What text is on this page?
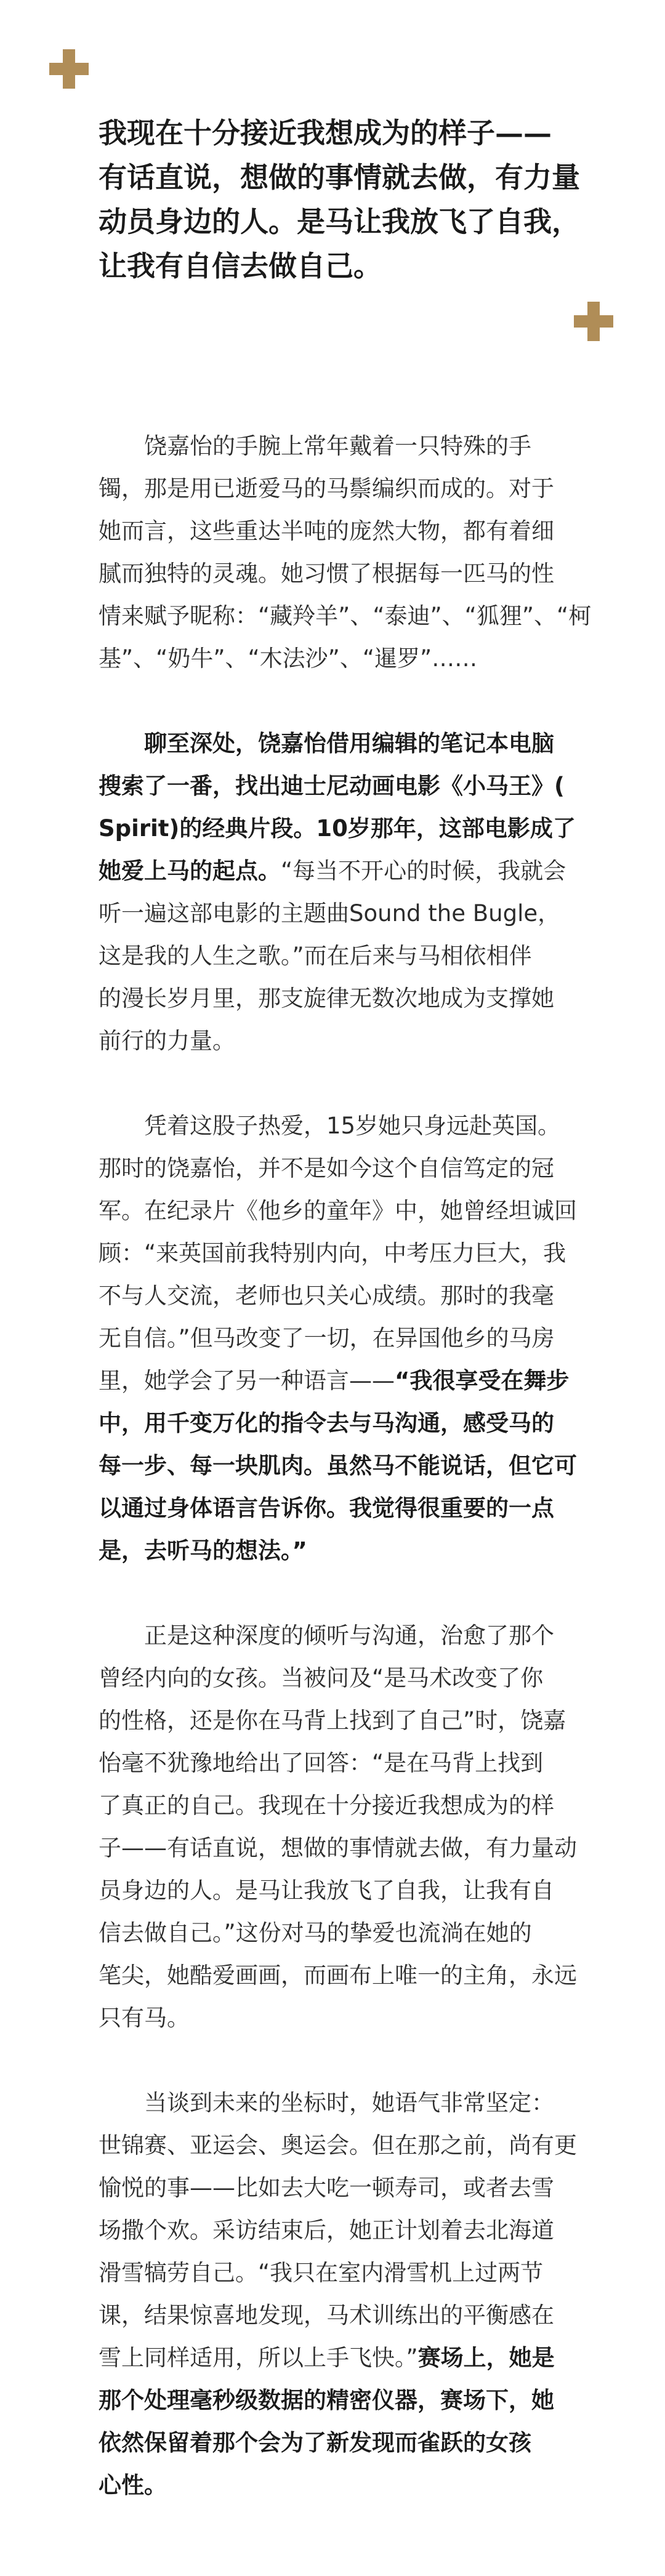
我现在十分接近我想成为的样子——
有话直说，想做的事情就去做，有力量
动员身边的人。是马让我放飞了自我，
让我有自信去做自己。
饶嘉怡的手腕上常年戴着一只特殊的手
镯，那是用已逝爱马的马鬃编织而成的。对于
她而言，这些重达半吨的庞然大物，都有着细
腻而独特的灵魂。她习惯了根据每一匹马的性
情来赋予昵称：“藏羚羊”、“泰迪”、“狐狸”、“柯
基”、“奶牛”、“木法沙”、“暹罗”……
聊至深处，饶嘉怡借用编辑的笔记本电脑
搜索了一番，找出迪士尼动画电影《小马王》(
Spirit)的经典片段。10岁那年，这部电影成了
她爱上马的起点。“每当不开心的时候，我就会
听一遍这部电影的主题曲Sound the Bugle，
这是我的人生之歌。”而在后来与马相依相伴
的漫长岁月里，那支旋律无数次地成为支撑她
前行的力量。
凭着这股子热爱，15岁她只身远赴英国。
那时的饶嘉怡，并不是如今这个自信笃定的冠
军。在纪录片《他乡的童年》中，她曾经坦诚回
顾：“来英国前我特别内向，中考压力巨大，我
不与人交流，老师也只关心成绩。那时的我毫
无自信。”但马改变了一切，在异国他乡的马房
里，她学会了另一种语言——“我很享受在舞步
中，用千变万化的指令去与马沟通，感受马的
每一步、每一块肌肉。虽然马不能说话，但它可
以通过身体语言告诉你。我觉得很重要的一点
是，去听马的想法。”
正是这种深度的倾听与沟通，治愈了那个
曾经内向的女孩。当被问及“是马术改变了你
的性格，还是你在马背上找到了自己”时，饶嘉
怡毫不犹豫地给出了回答：“是在马背上找到
了真正的自己。我现在十分接近我想成为的样
子——有话直说，想做的事情就去做，有力量动
员身边的人。是马让我放飞了自我，让我有自
信去做自己。”这份对马的挚爱也流淌在她的
笔尖，她酷爱画画，而画布上唯一的主角，永远
只有马。
当谈到未来的坐标时，她语气非常坚定：
世锦赛、亚运会、奥运会。但在那之前，尚有更
愉悦的事——比如去大吃一顿寿司，或者去雪
场撒个欢。采访结束后，她正计划着去北海道
滑雪犒劳自己。“我只在室内滑雪机上过两节
课，结果惊喜地发现，马术训练出的平衡感在
雪上同样适用，所以上手飞快。”赛场上，她是
那个处理毫秒级数据的精密仪器，赛场下，她
依然保留着那个会为了新发现而雀跃的女孩
心性。
